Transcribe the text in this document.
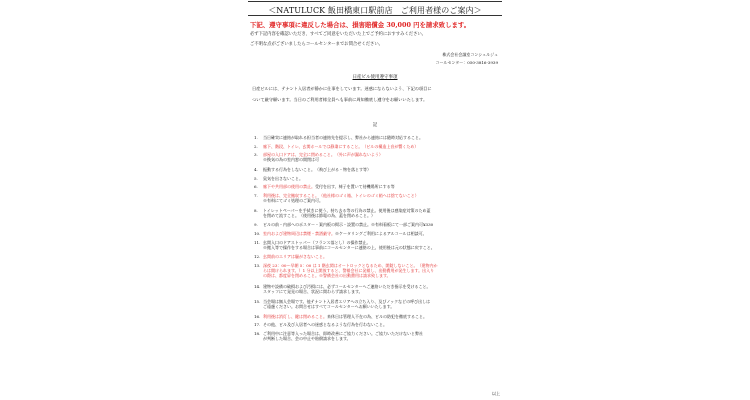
＜NATULUCK 飯田橋東口駅前店　ご利用者様のご案内＞
下記、遵守事項に違反した場合は、損害賠償金 30,000 円を請求致します。
必ず下記内容を確認いただき、すべてご同意をいただいた上でご予約におすすみください。
ご不明な点がございましたらコールセンターまでお問合せください。
株式会社会議室コンシェルジュ
コールセンター：050-3816-3939
日産ビル使用遵守事項
日産ビルには、テナント入居者が静かに仕事をしています。迷惑にならないよう、下記の項目に
ついて厳守願います。当日のご利用者様全員へも事前に周知徹底し遵守をお願いいたします。
記
1. 当日確実に連絡が取れる担当者の連絡先を提示し、弊社から連絡には随時対応すること。
2. 廊下、階段、トイレ、玄関ホールでは静粛にすること。（ビルの構造上音が響くため）
3. 部屋の入口ドアは、完全に閉めること。（外に声が漏れないよう）
※換気の為の室内窓の開閉は可
4. 振動する行為をしないこと。（飛び上がる・物を落とす等）
5. 臭気を出さないこと。
6. 廊下や共用部の使用の禁止。受付を出す、椅子を置いて待機場所にする等
7. 利用後は、完全撤収すること。（他社様のゴミ箱、トイレのゴミ箱へは捨てないこと）
※有料にてゴミ処理のご案内可。
8. トイレットペーパーを手拭きに使う、持ち去る等の行為の禁止。使用後は感染症対策のため蓋
を閉めて流すこと。（使用後は節電の為、蓋を閉めること。）
9. ビルの前・内部へのポスター・案内板の掲示・設置の禁止。※有料看板にて一部ご案内可¥330
10. 室内および建物周辺は禁煙・禁酒厳守。※ケータリングご利用によるアルコールは相談可。
11. 玄関入口のドアストッパー（フランス落とし）の操作禁止。
※搬入等で操作をする場合は事前にコールセンターに連絡の上、使用後は元の状態に戻すこと。
12. 玄関前のエリアは騒がさないこと。
13. 深夜 23：00～早朝 5：00 は 1 階玄関はオートロックとなるため、開錠しないこと。（建物内か
らは開けられます。）1 分以上開放すると、警報会社に発報し、出動費用が発生します。出入り
の際は、都度扉を閉めること。※警備会社の出動費用は請求致します。
14. 建物や設備の破損および汚損には、必ずコールセンターへご連絡いただき指示を受けること。
スタッフにて発見の場合、状況に関わらず請求します。
15. 当会場は無人会場です。他テナント入居者エリアへの立ち入り、及びノックなどの呼び出しは
ご遠慮ください。お問合せはすべてコールセンターへお願いいたします。
16. 利用後は消灯し、鍵は閉めること。来休日は管理人不在の為、ビルの防犯を徹底すること。
17. その他、ビル及び入居者への迷惑となるような行為を行わないこと。
18. ご利用中に注意等入った場合は、即時改善にご協力ください。ご協力いただけないと弊社
が判断した場合、会の中止や賠償請求をします。
以上
